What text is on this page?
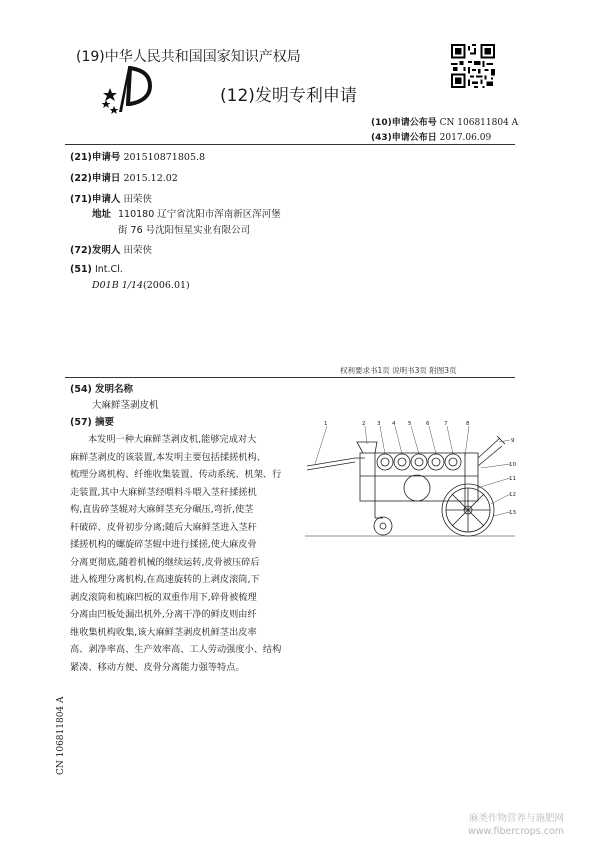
(19)中华人民共和国国家知识产权局
(12)发明专利申请
(10)申请公布号 CN 106811804 A
(43)申请公布日 2017.06.09
(21)申请号 201510871805.8
(22)申请日 2015.12.02
(71)申请人 田荣侠
地址 110180 辽宁省沈阳市浑南新区浑河堡
街 76 号沈阳恒星实业有限公司
(72)发明人 田荣侠
(51) Int.Cl.
D01B 1/14(2006.01)
权利要求书1页 说明书3页 附图3页
(54) 发明名称
大麻鲜茎剥皮机
(57) 摘要
本发明一种大麻鲜茎剥皮机,能够完成对大
麻鲜茎剥皮的该装置,本发明主要包括揉搓机构、
梳理分离机构、纤维收集装置、传动系统、机架、行
走装置,其中大麻鲜茎经喂料斗喂入茎秆揉搓机
构,直齿碎茎辊对大麻鲜茎充分碾压,弯折,使茎
秆破碎、皮骨初步分离;随后大麻鲜茎进入茎秆
揉搓机构的螺旋碎茎辊中进行揉搓,使大麻皮骨
分离更彻底,随着机械的继续运转,皮骨被压碎后
进入梳理分离机构,在高速旋转的上剥皮滚筒,下
剥皮滚筒和梳麻凹板的双重作用下,碎骨被梳理
分离由凹板处漏出机外,分离干净的鲜皮则由纤
维收集机构收集,该大麻鲜茎剥皮机鲜茎出皮率
高、剥净率高、生产效率高、工人劳动强度小、结构
紧凑、移动方便、皮骨分离能力强等特点。
1	2 3 4 5	6	7	8
9
10
11
12
13
CN 106811804 A
麻类作物营养与施肥网
www.fibercrops.com
